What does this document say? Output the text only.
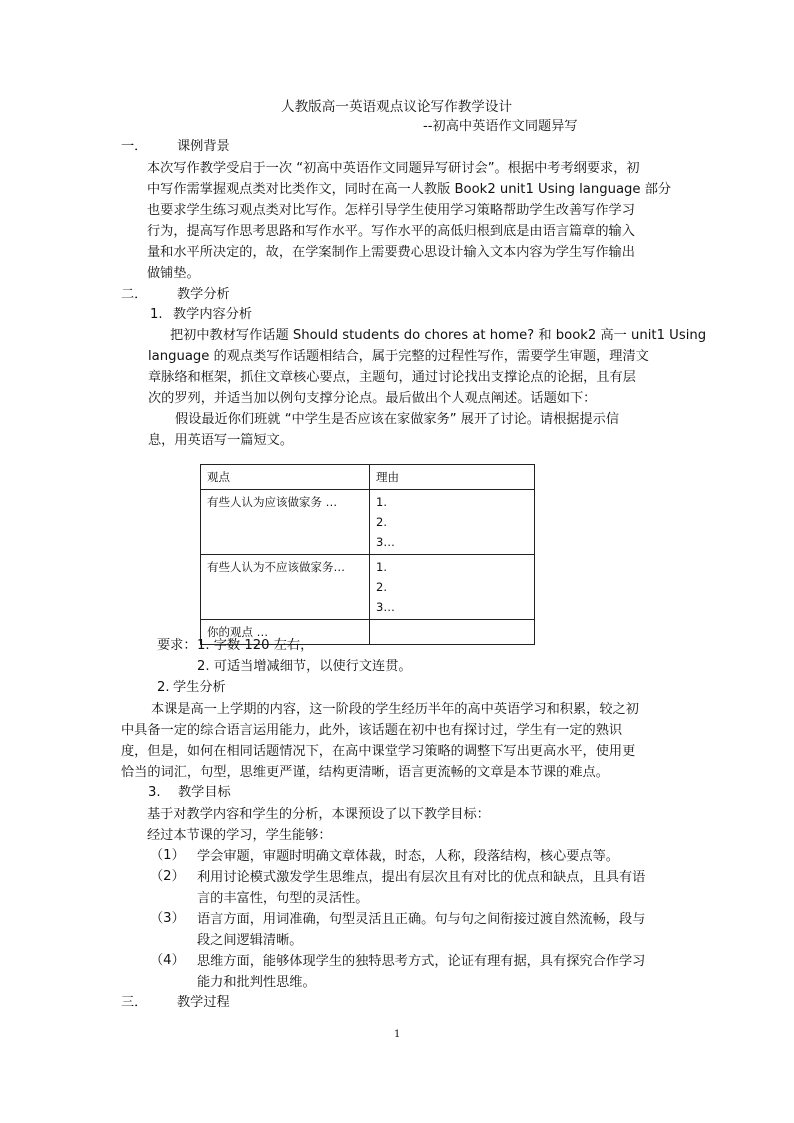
人教版高一英语观点议论写作教学设计
--初高中英语作文同题异写
一． 课例背景

本次写作教学受启于一次 “初高中英语作文同题异写研讨会”。根据中考考纲要求，初

中写作需掌握观点类对比类作文，同时在高一人教版 Book2 unit1 Using language 部分

也要求学生练习观点类对比写作。怎样引导学生使用学习策略帮助学生改善写作学习

行为，提高写作思考思路和写作水平。写作水平的高低归根到底是由语言篇章的输入

量和水平所决定的，故，在学案制作上需要费心思设计输入文本内容为学生写作输出

做铺垫。

二． 教学分析
1. 教学内容分析

把初中教材写作话题 Should students do chores at home? 和 book2 高一 unit1 Using

language 的观点类写作话题相结合，属于完整的过程性写作，需要学生审题，理清文

章脉络和框架，抓住文章核心要点，主题句，通过讨论找出支撑论点的论据，且有层

次的罗列，并适当加以例句支撑分论点。最后做出个人观点阐述。话题如下：

假设最近你们班就 “中学生是否应该在家做家务” 展开了讨论。请根据提示信

息，用英语写一篇短文。

观点	理由
有些人认为应该做家务 …	1.
2.
3…

有些人认为不应该做家务…	1.
2.
3…

你的观点 …	
要求： 1. 字数 120 左右，
2. 可适当增减细节，以使行文连贯。
2. 学生分析

本课是高一上学期的内容，这一阶段的学生经历半年的高中英语学习和积累，较之初

中具备一定的综合语言运用能力，此外，该话题在初中也有探讨过，学生有一定的熟识

度，但是，如何在相同话题情况下，在高中课堂学习策略的调整下写出更高水平，使用更

恰当的词汇，句型，思维更严谨，结构更清晰，语言更流畅的文章是本节课的难点。

3. 教学目标

基于对教学内容和学生的分析，本课预设了以下教学目标：

经过本节课的学习，学生能够：

（1） 学会审题，审题时明确文章体裁，时态，人称，段落结构，核心要点等。

（2） 利用讨论模式激发学生思维点，提出有层次且有对比的优点和缺点，且具有语

言的丰富性，句型的灵活性。

（3） 语言方面，用词准确，句型灵活且正确。句与句之间衔接过渡自然流畅，段与

段之间逻辑清晰。

（4） 思维方面，能够体现学生的独特思考方式，论证有理有据，具有探究合作学习

能力和批判性思维。

三． 教学过程
1
